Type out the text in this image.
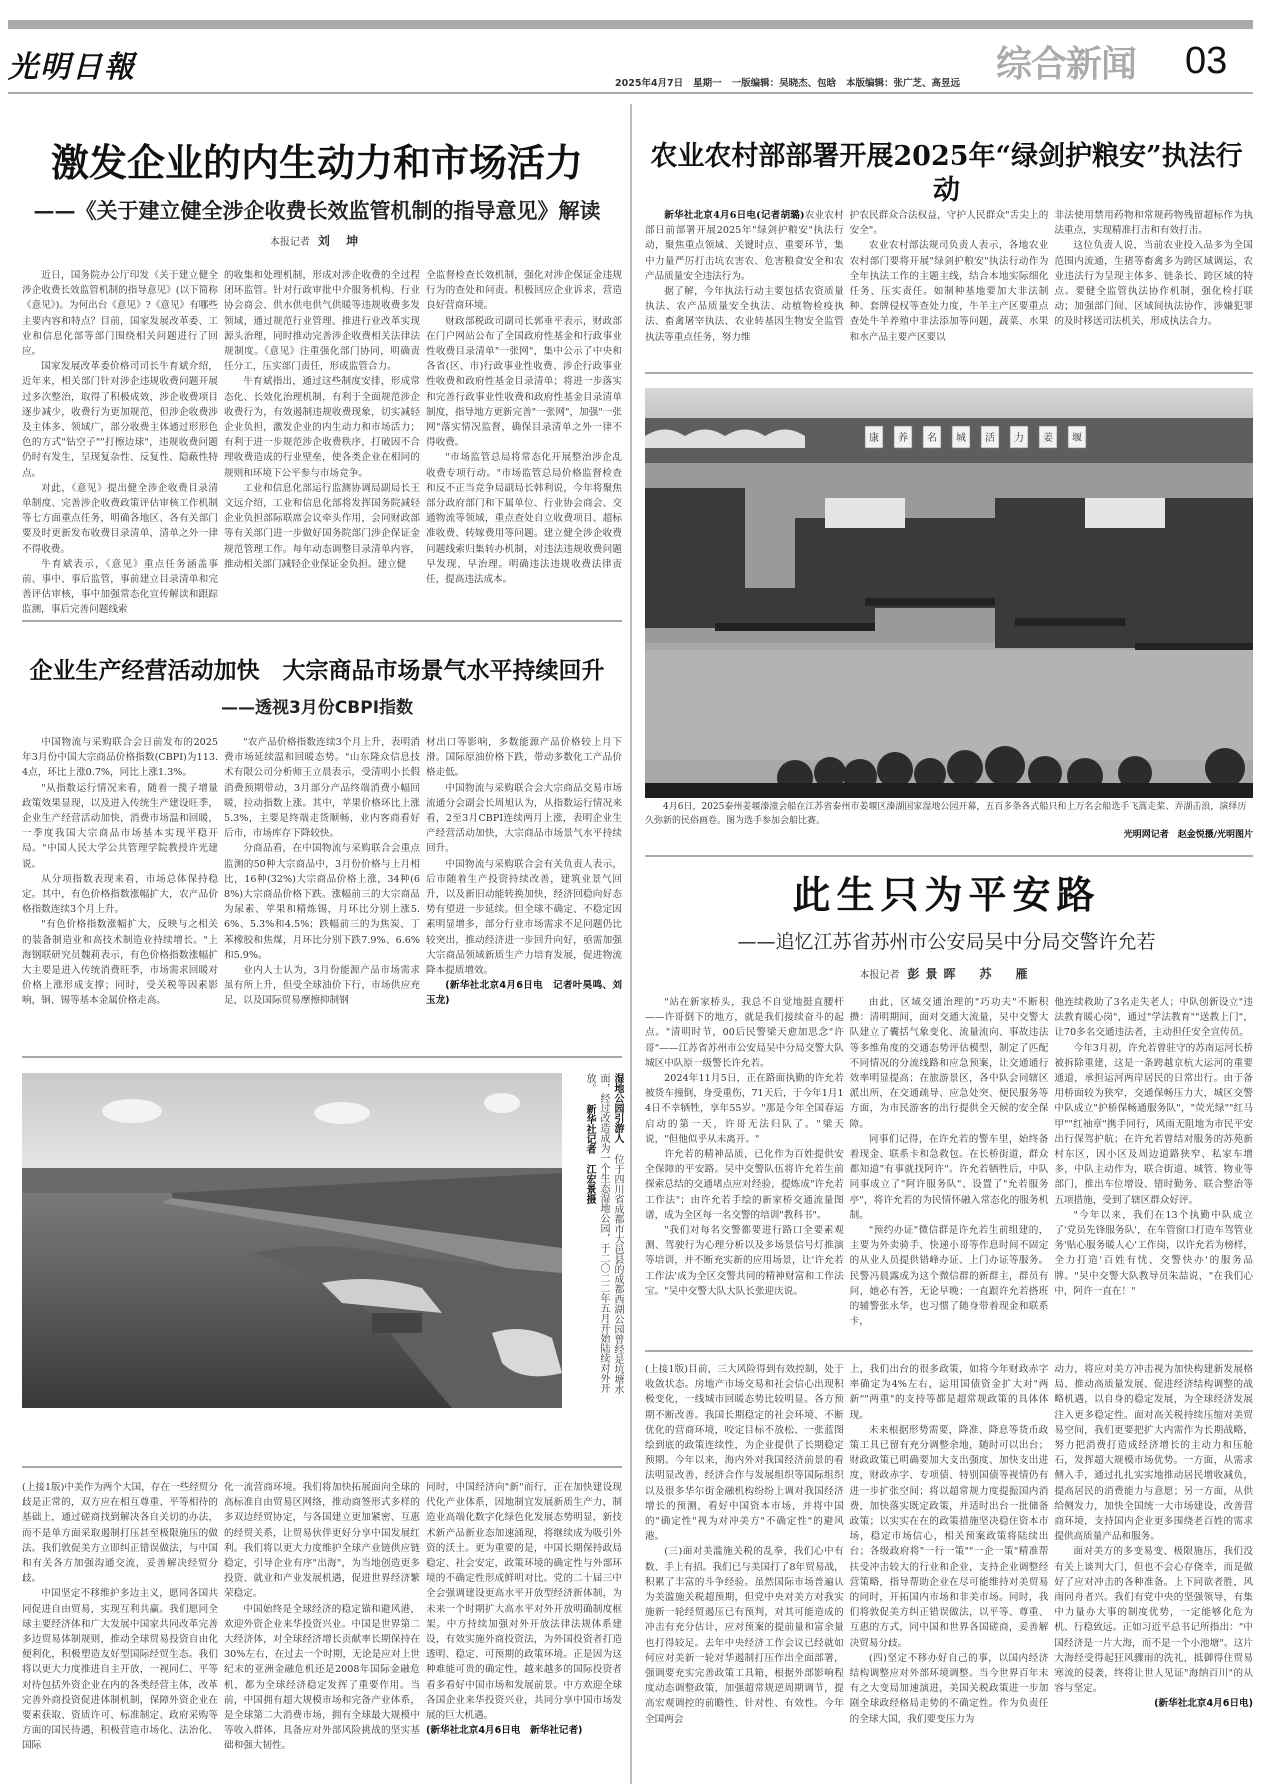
光明日報	2025年4月7日 星期一 一版编辑：吴晓杰、包晗 本版编辑：张广芝、高昱远 综合新闻	03
激发企业的内生动力和市场活力
——《关于建立健全涉企收费长效监管机制的指导意见》解读
本报记者 刘 坤

近日，国务院办公厅印发《关于建立健全涉企收费长效监管机制的指导意见》(以下简称《意见》)。为何出台《意见》?《意见》有哪些主要内容和特点？目前，国家发展改革委、工业和信息化部等部门围绕相关问题进行了回应。

国家发展改革委价格司司长牛育斌介绍，近年来，相关部门针对涉企违规收费问题开展过多次整治，取得了积极成效，涉企收费项目逐步减少，收费行为更加规范，但涉企收费涉及主体多、领域广，部分收费主体通过形形色色的方式"钻空子""打擦边球"，违规收费问题仍时有发生，呈现复杂性、反复性、隐蔽性特点。

对此，《意见》提出健全涉企收费目录清单制度、完善涉企收费政策评估审核工作机制等七方面重点任务，明确各地区、各有关部门要及时更新发布收费目录清单，清单之外一律不得收费。

牛育斌表示，《意见》重点任务涵盖事前、事中、事后监管，事前建立目录清单和完善评估审核，事中加强常态化宣传解读和跟踪监测，事后完善问题线索

的收集和处理机制，形成对涉企收费的全过程闭环监管。针对行政审批中介服务机构、行业协会商会、供水供电供气供暖等违规收费多发领域，通过规范行业管理、推进行业改革实现源头治理，同时推动完善涉企收费相关法律法规制度。《意见》注重强化部门协同，明确责任分工，压实部门责任，形成监管合力。

牛育斌指出，通过这些制度安排，形成常态化、长效化治理机制，有利于全面规范涉企收费行为，有效遏制违规收费现象，切实减轻企业负担，激发企业的内生动力和市场活力；有利于进一步规范涉企收费秩序，打破因不合理收费造成的行业壁垒，使各类企业在相同的规则和环境下公平参与市场竞争。

工业和信息化部运行监测协调局副局长王文远介绍，工业和信息化部将发挥国务院减轻企业负担部际联席会议牵头作用，会同财政部等有关部门进一步做好国务院部门涉企保证金规范管理工作。每年动态调整目录清单内容，推动相关部门减轻企业保证金负担。建立健

全监督检查长效机制，强化对涉企保证金违规行为的查处和问责。积极回应企业诉求，营造良好营商环境。

财政部税政司副司长郭垂平表示，财政部在门户网站公布了全国政府性基金和行政事业性收费目录清单"一张网"，集中公示了中央和各省(区、市)行政事业性收费、涉企行政事业性收费和政府性基金目录清单；将进一步落实和完善行政事业性收费和政府性基金目录清单制度，指导地方更新完善"一张网"，加强"一张网"落实情况监督，确保目录清单之外一律不得收费。

"市场监管总局将常态化开展整治涉企乱收费专项行动。"市场监管总局价格监督检查和反不正当竞争局副局长韩利说，今年将聚焦部分政府部门和下属单位、行业协会商会、交通物流等领域，重点查处自立收费项目、超标准收费、转嫁费用等问题。建立健全涉企收费问题线索归集转办机制，对违法违规收费问题早发现、早治理。明确违法违规收费法律责任，提高违法成本。

农业农村部部署开展2025年“绿剑护粮安”执法行动

新华社北京4月6日电(记者胡璐)农业农村部日前部署开展2025年"绿剑护粮安"执法行动，聚焦重点领域、关键时点、重要环节，集中力量严厉打击坑农害农、危害粮食安全和农产品质量安全违法行为。

据了解，今年执法行动主要包括农资质量执法、农产品质量安全执法、动植物检疫执法、畜禽屠宰执法、农业转基因生物安全监管执法等重点任务，努力维

护农民群众合法权益，守护人民群众"舌尖上的安全"。

农业农村部法规司负责人表示，各地农业农村部门要将开展"绿剑护粮安"执法行动作为全年执法工作的主题主线，结合本地实际细化任务、压实责任。如制种基地要加大非法制种、套牌侵权等查处力度，牛羊主产区要重点查处牛羊养殖中非法添加等问题，蔬菜、水果和水产品主要产区要以

非法使用禁用药物和常规药物残留超标作为执法重点，实现精准打击和有效打击。

这位负责人说，当前农业投入品多为全国范围内流通，生猪等畜禽多为跨区域调运，农业违法行为呈现主体多、链条长、跨区域的特点。要健全监管执法协作机制，强化检打联动；加强部门间、区域间执法协作，涉嫌犯罪的及时移送司法机关，形成执法合力。

康 养 名 城 活 力 姜 堰
4月6日，2025泰州姜堰溱潼会船在江苏省泰州市姜堰区溱湖国家湿地公园开幕，五百多条各式船只和上万名会船选手飞篙走桨、弄湖击浪，演绎历久弥新的民俗画卷。图为选手参加会船比赛。
光明网记者　赵金悦摄/光明图片
企业生产经营活动加快　大宗商品市场景气水平持续回升
——透视3月份CBPI指数

中国物流与采购联合会日前发布的2025年3月份中国大宗商品价格指数(CBPI)为113.4点，环比上涨0.7%，同比上涨1.3%。

"从指数运行情况来看，随着一揽子增量政策效果显现，以及进入传统生产建设旺季，企业生产经营活动加快，消费市场温和回暖，一季度我国大宗商品市场基本实现平稳开局。"中国人民大学公共管理学院教授许光建说。

从分项指数表现来看，市场总体保持稳定。其中，有色价格指数涨幅扩大，农产品价格指数连续3个月上升。

"有色价格指数涨幅扩大，反映与之相关的装备制造业和高技术制造业持续增长。"上海钢联研究员魏莉表示，有色价格指数涨幅扩大主要是进入传统消费旺季，市场需求回暖对价格上涨形成支撑；同时，受关税等因素影响，铜、锡等基本金属价格走高。

"农产品价格指数连续3个月上升，表明消费市场延续温和回暖态势。"山东隆众信息技术有限公司分析师王立晨表示，受清明小长假消费预期带动，3月部分产品终端消费小幅回暖，拉动指数上涨。其中，苹果价格环比上涨5.3%，主要是终端走货顺畅，业内客商看好后市，市场库存下降较快。

分商品看，在中国物流与采购联合会重点监测的50种大宗商品中，3月份价格与上月相比，16种(32%)大宗商品价格上涨，34种(68%)大宗商品价格下跌。涨幅前三的大宗商品为尿素、苹果和精炼锡，月环比分别上涨5.6%、5.3%和4.5%；跌幅前三的为焦炭、丁苯橡胶和焦煤，月环比分别下跌7.9%、6.6%和5.9%。

业内人士认为，3月份能源产品市场需求虽有所上升，但受全球油价下行，市场供应充足，以及国际贸易摩擦抑制钢

材出口等影响，多数能源产品价格较上月下滑。国际原油价格下跌，带动多数化工产品价格走低。

中国物流与采购联合会大宗商品交易市场流通分会副会长周旭认为，从指数运行情况来看，2至3月CBPI连续两月上涨，表明企业生产经营活动加快，大宗商品市场景气水平持续回升。

中国物流与采购联合会有关负责人表示，后市随着生产投资持续改善，建筑业景气回升，以及新旧动能转换加快，经济回稳向好态势有望进一步延续。但全球不确定、不稳定因素明显增多，部分行业市场需求不足问题仍比较突出，推动经济进一步回升向好，亟需加强大宗商品领域新质生产力培育发展，促进物流降本提质增效。

(新华社北京4月6日电　记者叶昊鸣、刘玉龙)

湿地公园引游人 位于四川省成都市大邑县的成都西湖公园曾经是坑塘水面，经过改造成为一个生态湿地公园，于二〇二二年五月开始陆续对外开放。 新华社记者　江宏景摄
此生只为平安路
——追忆江苏省苏州市公安局吴中分局交警许允若
本报记者 彭景晖　苏　雁

"站在新家桥头，我总不自觉地挺直腰杆——许哥倒下的地方，就是我们接续奋斗的起点。"清明时节，00后民警梁天愈加思念"许哥"——江苏省苏州市公安局吴中分局交警大队城区中队原一级警长许允若。

2024年11月5日，正在路面执勤的许允若被货车撞倒，身受重伤，71天后，于今年1月14日不幸牺牲，享年55岁。"那是今年全国春运启动的第一天，许哥无法归队了。"梁天说，"但他似乎从未离开。"

许允若的精神品质，已化作为百姓提供安全保障的平安路。吴中交警队伍将许允若生前探索总结的交通堵点应对经验，提炼成"许允若工作法"；由许允若手绘的新家桥交通流量图谱，成为全区每一名交警的培训"教科书"。

"我们对每名交警都要进行路口全要素观测、驾驶行为心理分析以及多场景信号灯推演等培训，并不断充实新的应用场景，让'许允若工作法'成为全区交警共同的精神财富和工作法宝。"吴中交警大队大队长张迎庆说。

由此，区域交通治理的"巧功夫"不断积攒：清明期间，面对交通大流量，吴中交警大队建立了囊括气象变化、流量流向、事故违法等多维角度的交通态势评估模型，制定了匹配不同情况的分流线路和应急预案，让交通通行效率明显提高；在旅游景区，各中队会同辖区派出所，在交通疏导、应急处突、便民服务等方面，为市民游客的出行提供全天候的安全保障。

同事们记得，在许允若的警车里，始终备着现金、联系卡和急救包。在长桥街道，群众都知道"有事就找阿许"。许允若牺牲后，中队同事成立了"阿许服务队"、设置了"允若服务亭"，将许允若的为民情怀融入常态化的服务机制。

"预约办证"微信群是许允若生前组建的，主要为外卖骑手、快递小哥等作息时间不固定的从业人员提供错峰办证、上门办证等服务。民警冯晨露成为这个微信群的新群主，群员有问，她必有答，无论早晚；一直跟许允若搭班的辅警张永华，也习惯了随身带着现金和联系卡，

他连续救助了3名走失老人；中队创新设立"违法教育暖心岗"，通过"学法教育""送教上门"，让70多名交通违法者，主动担任安全宣传员。

今年3月初，许允若曾驻守的苏南运河长桥被拆除重建，这是一条跨越京杭大运河的重要通道，承担运河两岸居民的日常出行。由于备用桥面较为狭窄，交通保畅压力大，城区交警中队成立"护桥保畅通服务队"，"荧光绿""红马甲""红袖章"携手同行，风雨无阻地为市民平安出行保驾护航；在许允若曾结对服务的苏苑新村东区，因小区及周边道路狭窄、私家车增多，中队主动作为，联合街道、城管、物业等部门，推出车位增设、错时勤务、联合整治等五项措施，受到了辖区群众好评。

"今年以来，我们在13个执勤中队成立了'党员先锋服务队'，在车管窗口打造车驾管业务'贴心服务暖人心'工作岗，以许允若为榜样，全力打造'百姓有忧、交警快办'的服务品牌。"吴中交警大队教导员朱喆说，"在我们心中，阿许一直在！"

(上接1版)中美作为两个大国，存在一些经贸分歧是正常的，双方应在相互尊重、平等相待的基础上，通过磋商找到解决各自关切的办法，而不是单方面采取遏制打压甚至极限施压的做法。我们敦促美方立即纠正错误做法，与中国和有关各方加强沟通交流，妥善解决经贸分歧。

中国坚定不移维护多边主义，愿同各国共同促进自由贸易，实现互利共赢。我们愿同全球主要经济体和广大发展中国家共同改革完善多边贸易体制规则，推动全球贸易投资自由化便利化，积极塑造友好型国际经贸生态。我们将以更大力度推进自主开放，一视同仁、平等对待包括外资企业在内的各类经营主体，改革完善外商投资促进体制机制，保障外资企业在要素获取、资质许可、标准制定、政府采购等方面的国民待遇，积极营造市场化、法治化、国际

化一流营商环境。我们将加快拓展面向全球的高标准自由贸易区网络，推动商签形式多样的多双边经贸协定，与各国建立更加紧密、互惠的经贸关系，让贸易伙伴更好分享中国发展红利。我们将以更大力度维护全球产业链供应链稳定，引导企业有序"出海"，为当地创造更多投资、就业和产业发展机遇，促进世界经济繁荣稳定。

中国始终是全球经济的稳定锚和避风港，欢迎外资企业来华投资兴业。中国是世界第二大经济体，对全球经济增长贡献率长期保持在30%左右，在过去一个时期，无论是应对上世纪末的亚洲金融危机还是2008年国际金融危机，都为全球经济稳定发挥了重要作用。当前，中国拥有超大规模市场和完备产业体系，是全球第二大消费市场，拥有全球最大规模中等收入群体，具备应对外部风险挑战的坚实基础和强大韧性。

同时，中国经济向"新"而行，正在加快建设现代化产业体系，因地制宜发展新质生产力，制造业高端化数字化绿色化发展态势明显，新技术新产品新业态加速涌现，将继续成为吸引外资的沃土。更为重要的是，中国长期保持政局稳定、社会安定，政策环境的确定性与外部环境的不确定性形成鲜明对比。党的二十届三中全会强调建设更高水平开放型经济新体制，为未来一个时期扩大高水平对外开放明确制度框架。中方持续加强对外开放法律法规体系建设，有效实施外商投资法，为外国投资者打造透明、稳定、可预期的政策环境。正是因为这种难能可贵的确定性，越来越多的国际投资者看多看好中国市场和发展前景。中方欢迎全球各国企业来华投资兴业，共同分享中国市场发展的巨大机遇。

(新华社北京4月6日电　新华社记者)

(上接1版)目前，三大风险得到有效控制，处于收敛状态。房地产市场交易和社会信心出现积极变化，一线城市回暖态势比较明显。各方预期不断改善。我国长期稳定的社会环境、不断优化的营商环境，咬定目标不放松、一张蓝图绘到底的政策连续性，为企业提供了长期稳定预期。今年以来，海内外对我国经济前景的看法明显改善，经济合作与发展组织等国际组织以及很多华尔街金融机构纷纷上调对我国经济增长的预测，看好中国资本市场，并将中国的"确定性"视为对冲美方"不确定性"的避风港。

(三)面对美滥施关税的乱拳，我们心中有数、手上有招。我们已与美国打了8年贸易战，积累了丰富的斗争经验。虽然国际市场普遍认为美滥施关税超预期，但党中央对美方对我实施新一轮经贸遏压已有预判，对其可能造成的冲击有充分估计，应对预案的提前量和富余量也打得较足。去年中央经济工作会议已经就如何应对美新一轮对华遏制打压作出全面部署，强调要充实完善政策工具箱，根据外部影响程度动态调整政策，加强超常规逆周期调节，提高宏观调控的前瞻性、针对性、有效性。今年全国两会

上，我们出台的很多政策，如将今年财政赤字率确定为4%左右，运用国债资金扩大对"两新""两重"的支持等都是超常规政策的具体体现。

未来根据形势需要，降准、降息等货币政策工具已留有充分调整余地，随时可以出台；财政政策已明确要加大支出强度、加快支出进度，财政赤字、专项债、特别国债等视情仍有进一步扩张空间；将以超常规力度提振国内消费，加快落实既定政策，并适时出台一批储备政策；以实实在在的政策措施坚决稳住资本市场，稳定市场信心，相关预案政策将陆续出台；各级政府将"一行一策""一企一策"精准帮扶受冲击较大的行业和企业，支持企业调整经营策略，指导帮助企业在尽可能维持对美贸易的同时，开拓国内市场和非美市场。同时，我们将敦促美方纠正错误做法，以平等、尊重、互惠的方式，同中国和世界各国磋商，妥善解决贸易分歧。

(四)坚定不移办好自己的事，以国内经济结构调整应对外部环境调整。当今世界百年未有之大变局加速演进，美国关税政策进一步加剧全球政经格局走势的不确定性。作为负责任的全球大国，我们要变压力为

动力，将应对美方冲击视为加快构建新发展格局、推动高质量发展、促进经济结构调整的战略机遇，以自身的稳定发展，为全球经济发展注入更多稳定性。面对高关税持续压缩对美贸易空间，我们更要把扩大内需作为长期战略，努力把消费打造成经济增长的主动力和压舱石，发挥超大规模市场优势。一方面，从需求侧入手，通过扎扎实实地推动居民增收减负，提高居民的消费能力与意愿；另一方面，从供给侧发力，加快全国统一大市场建设，改善营商环境，支持国内企业更多围绕老百姓的需求提供高质量产品和服务。

面对美方的多变易变、极限施压，我们没有关上谈判大门，但也不会心存侥幸，而是做好了应对冲击的各种准备。上下同欲者胜，风雨同舟者兴。我们有党中央的坚强领导，有集中力量办大事的制度优势，一定能够化危为机、行稳致远。正如习近平总书记所指出："中国经济是一片大海，而不是一个小池塘"。这片大海经受得起狂风骤雨的洗礼，抵御得住贸易寒流的侵袭，终将让世人见证"海纳百川"的从容与坚定。

(新华社北京4月6日电)
